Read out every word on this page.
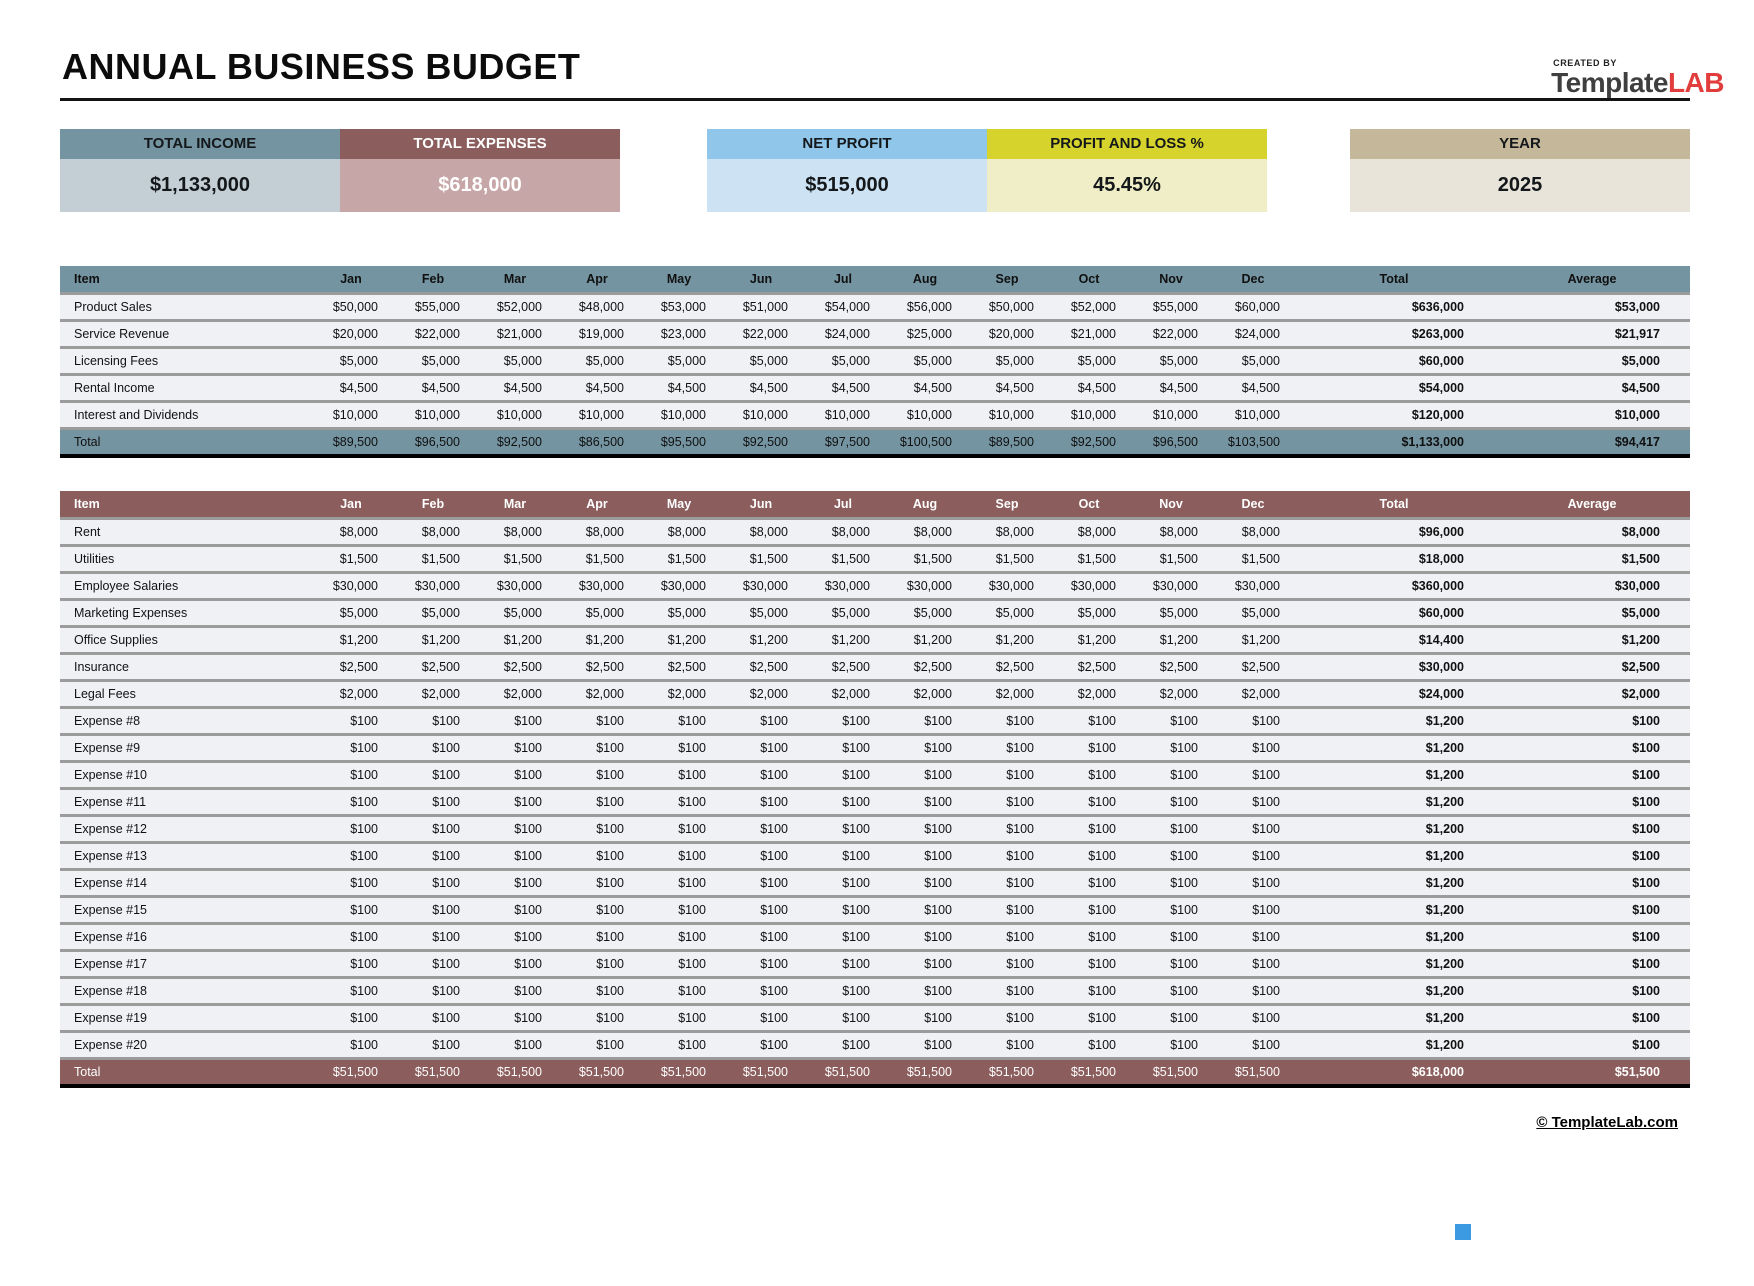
CREATED BY
TemplateLAB
ANNUAL BUSINESS BUDGET
TOTAL INCOME
$1,133,000
TOTAL EXPENSES
$618,000
NET PROFIT
$515,000
PROFIT AND LOSS %
45.45%
YEAR
2025
Item	Jan	Feb	Mar	Apr	May	Jun	Jul	Aug	Sep	Oct	Nov	Dec	Total	Average
Product Sales	$50,000	$55,000	$52,000	$48,000	$53,000	$51,000	$54,000	$56,000	$50,000	$52,000	$55,000	$60,000	$636,000	$53,000
Service Revenue	$20,000	$22,000	$21,000	$19,000	$23,000	$22,000	$24,000	$25,000	$20,000	$21,000	$22,000	$24,000	$263,000	$21,917
Licensing Fees	$5,000	$5,000	$5,000	$5,000	$5,000	$5,000	$5,000	$5,000	$5,000	$5,000	$5,000	$5,000	$60,000	$5,000
Rental Income	$4,500	$4,500	$4,500	$4,500	$4,500	$4,500	$4,500	$4,500	$4,500	$4,500	$4,500	$4,500	$54,000	$4,500
Interest and Dividends	$10,000	$10,000	$10,000	$10,000	$10,000	$10,000	$10,000	$10,000	$10,000	$10,000	$10,000	$10,000	$120,000	$10,000
Total	$89,500	$96,500	$92,500	$86,500	$95,500	$92,500	$97,500	$100,500	$89,500	$92,500	$96,500	$103,500	$1,133,000	$94,417
Item	Jan	Feb	Mar	Apr	May	Jun	Jul	Aug	Sep	Oct	Nov	Dec	Total	Average
Rent	$8,000	$8,000	$8,000	$8,000	$8,000	$8,000	$8,000	$8,000	$8,000	$8,000	$8,000	$8,000	$96,000	$8,000
Utilities	$1,500	$1,500	$1,500	$1,500	$1,500	$1,500	$1,500	$1,500	$1,500	$1,500	$1,500	$1,500	$18,000	$1,500
Employee Salaries	$30,000	$30,000	$30,000	$30,000	$30,000	$30,000	$30,000	$30,000	$30,000	$30,000	$30,000	$30,000	$360,000	$30,000
Marketing Expenses	$5,000	$5,000	$5,000	$5,000	$5,000	$5,000	$5,000	$5,000	$5,000	$5,000	$5,000	$5,000	$60,000	$5,000
Office Supplies	$1,200	$1,200	$1,200	$1,200	$1,200	$1,200	$1,200	$1,200	$1,200	$1,200	$1,200	$1,200	$14,400	$1,200
Insurance	$2,500	$2,500	$2,500	$2,500	$2,500	$2,500	$2,500	$2,500	$2,500	$2,500	$2,500	$2,500	$30,000	$2,500
Legal Fees	$2,000	$2,000	$2,000	$2,000	$2,000	$2,000	$2,000	$2,000	$2,000	$2,000	$2,000	$2,000	$24,000	$2,000
Expense #8	$100	$100	$100	$100	$100	$100	$100	$100	$100	$100	$100	$100	$1,200	$100
Expense #9	$100	$100	$100	$100	$100	$100	$100	$100	$100	$100	$100	$100	$1,200	$100
Expense #10	$100	$100	$100	$100	$100	$100	$100	$100	$100	$100	$100	$100	$1,200	$100
Expense #11	$100	$100	$100	$100	$100	$100	$100	$100	$100	$100	$100	$100	$1,200	$100
Expense #12	$100	$100	$100	$100	$100	$100	$100	$100	$100	$100	$100	$100	$1,200	$100
Expense #13	$100	$100	$100	$100	$100	$100	$100	$100	$100	$100	$100	$100	$1,200	$100
Expense #14	$100	$100	$100	$100	$100	$100	$100	$100	$100	$100	$100	$100	$1,200	$100
Expense #15	$100	$100	$100	$100	$100	$100	$100	$100	$100	$100	$100	$100	$1,200	$100
Expense #16	$100	$100	$100	$100	$100	$100	$100	$100	$100	$100	$100	$100	$1,200	$100
Expense #17	$100	$100	$100	$100	$100	$100	$100	$100	$100	$100	$100	$100	$1,200	$100
Expense #18	$100	$100	$100	$100	$100	$100	$100	$100	$100	$100	$100	$100	$1,200	$100
Expense #19	$100	$100	$100	$100	$100	$100	$100	$100	$100	$100	$100	$100	$1,200	$100
Expense #20	$100	$100	$100	$100	$100	$100	$100	$100	$100	$100	$100	$100	$1,200	$100
Total	$51,500	$51,500	$51,500	$51,500	$51,500	$51,500	$51,500	$51,500	$51,500	$51,500	$51,500	$51,500	$618,000	$51,500
© TemplateLab.com
